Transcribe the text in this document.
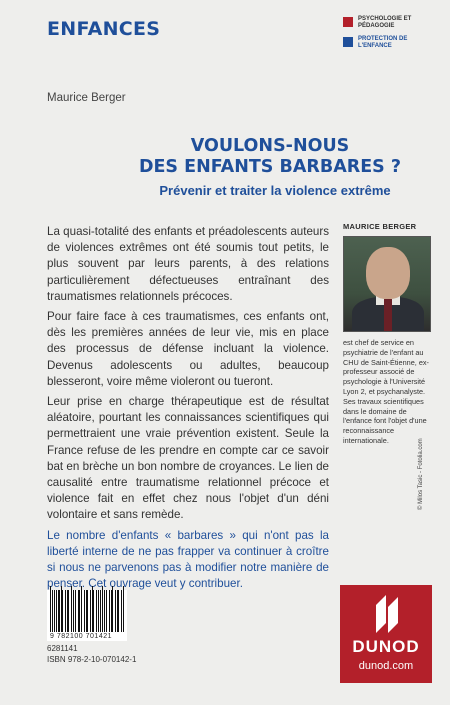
ENFANCES	PSYCHOLOGIE ET PÉDAGOGIE
PROTECTION DE L'ENFANCE
Maurice Berger
VOULONS-NOUS
DES ENFANTS BARBARES ?
Prévenir et traiter la violence extrême

La quasi-totalité des enfants et préadolescents auteurs de violences extrêmes ont été soumis tout petits, le plus souvent par leurs parents, à des relations particulièrement défectueuses entraînant des traumatismes relationnels précoces.

Pour faire face à ces traumatismes, ces enfants ont, dès les premières années de leur vie, mis en place des processus de défense incluant la violence. Devenus adolescents ou adultes, beaucoup blesseront, voire même violeront ou tueront.

Leur prise en charge thérapeutique est de résultat aléatoire, pourtant les connaissances scientifiques qui permettraient une vraie prévention existent. Seule la France refuse de les prendre en compte car ce savoir bat en brèche un bon nombre de croyances. Le lien de causalité entre traumatisme relationnel précoce et violence fait en effet chez nous l'objet d'un déni volontaire et sans remède.

Le nombre d'enfants « barbares » qui n'ont pas la liberté interne de ne pas frapper va continuer à croître si nous ne parvenons pas à modifier notre manière de penser. Cet ouvrage veut y contribuer.

MAURICE BERGER
est chef de service en psychiatrie de l'enfant au CHU de Saint-Étienne, ex-professeur associé de psychologie à l'Université Lyon 2, et psychanalyste. Ses travaux scientifiques dans le domaine de l'enfance font l'objet d'une reconnaissance internationale.	© Milos Tasic - Fotolia.com
9 782100 701421
6281141
ISBN 978-2-10-070142-1
DUNOD
dunod.com
